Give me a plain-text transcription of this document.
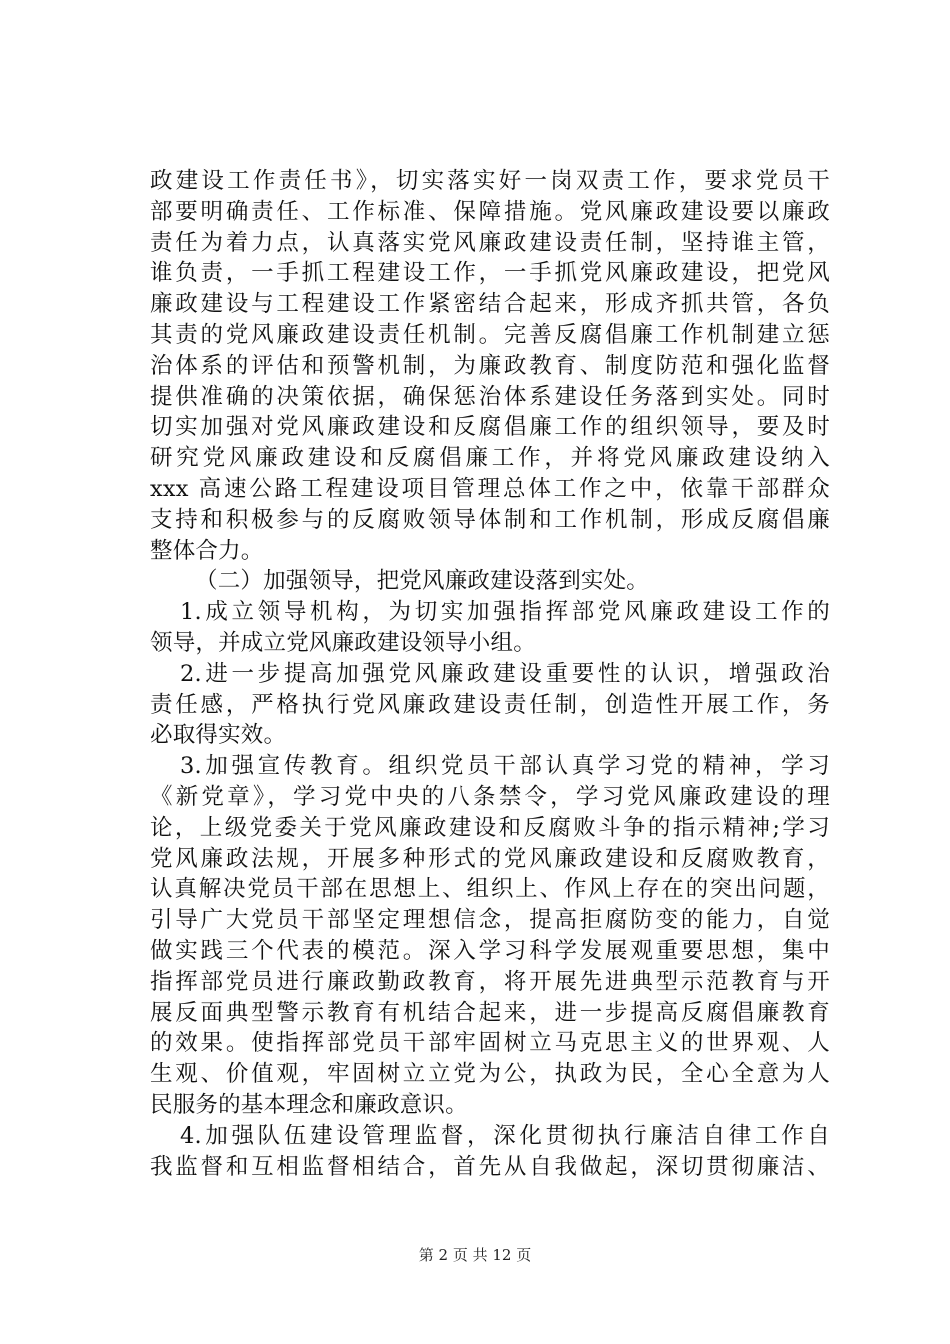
政建设工作责任书》，切实落实好一岗双责工作，要求党员干
部要明确责任、工作标准、保障措施。党风廉政建设要以廉政
责任为着力点，认真落实党风廉政建设责任制，坚持谁主管，
谁负责，一手抓工程建设工作，一手抓党风廉政建设，把党风
廉政建设与工程建设工作紧密结合起来，形成齐抓共管，各负
其责的党风廉政建设责任机制。完善反腐倡廉工作机制建立惩
治体系的评估和预警机制，为廉政教育、制度防范和强化监督
提供准确的决策依据，确保惩治体系建设任务落到实处。同时
切实加强对党风廉政建设和反腐倡廉工作的组织领导，要及时
研究党风廉政建设和反腐倡廉工作，并将党风廉政建设纳入
xxx 高速公路工程建设项目管理总体工作之中，依靠干部群众
支持和积极参与的反腐败领导体制和工作机制，形成反腐倡廉
整体合力。
（二）加强领导，把党风廉政建设落到实处。
1.成立领导机构，为切实加强指挥部党风廉政建设工作的
领导，并成立党风廉政建设领导小组。
2.进一步提高加强党风廉政建设重要性的认识，增强政治
责任感，严格执行党风廉政建设责任制，创造性开展工作，务
必取得实效。
3.加强宣传教育。组织党员干部认真学习党的精神，学习
《新党章》，学习党中央的八条禁令，学习党风廉政建设的理
论，上级党委关于党风廉政建设和反腐败斗争的指示精神;学习
党风廉政法规，开展多种形式的党风廉政建设和反腐败教育，
认真解决党员干部在思想上、组织上、作风上存在的突出问题，
引导广大党员干部坚定理想信念，提高拒腐防变的能力，自觉
做实践三个代表的模范。深入学习科学发展观重要思想，集中
指挥部党员进行廉政勤政教育，将开展先进典型示范教育与开
展反面典型警示教育有机结合起来，进一步提高反腐倡廉教育
的效果。使指挥部党员干部牢固树立马克思主义的世界观、人
生观、价值观，牢固树立立党为公，执政为民，全心全意为人
民服务的基本理念和廉政意识。
4.加强队伍建设管理监督，深化贯彻执行廉洁自律工作自
我监督和互相监督相结合，首先从自我做起，深切贯彻廉洁、
第 2 页 共 12 页
